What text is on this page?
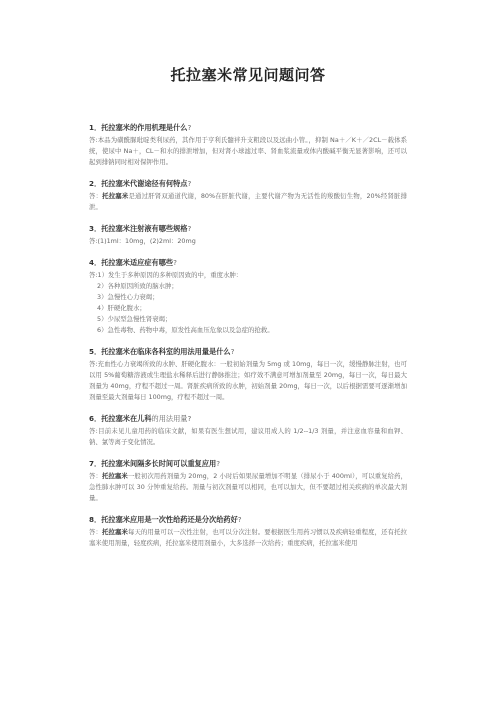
托拉塞米常见问题问答
1．托拉塞米的作用机理是什么?
答:本品为磺酰脲吡啶类利尿药，其作用于亨利氏髓袢升支粗段以及远曲小管。，抑制 Na＋／K＋／2CL－载体系统，使尿中 Na＋，CL－和水的排泄增加，但对肾小球滤过率、肾血浆流量或体内酸碱平衡无显著影响，还可以起到排钠同时相对保钾作用。
2．托拉塞米代谢途径有何特点?
答：托拉塞米是通过肝肾双通道代谢，80%在肝脏代谢，主要代谢产物为无活性的羧酸衍生物，20%经肾脏排泄。
3．托拉塞米注射液有哪些规格?
答:(1)1ml：10mg，(2)2ml：20mg
4．托拉塞米适应症有哪些?
答:1）发生于多种原因的多种原因致的中，重度水肿：
2）各种原因所致的脑水肿；
3）急慢性心力衰竭；
4）肝硬化腹水；
5）少尿型急慢性肾衰竭；
6）急性毒物、药物中毒，原发性高血压危象以及急症的抢救。
5．托拉塞米在临床各科室的用法用量是什么?
答:充血性心力衰竭所致的水肿、肝硬化腹水：一般初始剂量为 5mg 或 10mg，每日一次，缓慢静脉注射，也可以用 5%葡萄糖溶液或生理盐水稀释后进行静脉推注；如疗效不满意可增加剂量至 20mg，每日一次，每日最大剂量为 40mg，疗程不超过一周。肾脏疾病所致的水肿，初始剂量 20mg，每日一次，以后根据需要可逐渐增加剂量至最大剂量每日 100mg，疗程不超过一周。
6．托拉塞米在儿科的用法用量?
答:目前未见儿童用药的临床文献，如果有医生想试用，建议用成人的 1/2--1/3 剂量，并注意血容量和血钾、钠、氯等离子变化情况。
7．托拉塞米间隔多长时间可以重复应用?
答：托拉塞米一般初次用药剂量为 20mg，2 小时后如果尿量增加不明显（排尿小于 400ml），可以重复给药，急性肺水肿可以 30 分钟重复给药。剂量与初次剂量可以相同，也可以加大，但不要超过相关疾病的单次最大剂量。
8．托拉塞米应用是一次性给药还是分次给药好?
答：托拉塞米每天的用量可以一次性注射，也可以分次注射。要根据医生用药习惯以及疾病轻重程度，还有托拉塞米使用剂量，轻度疾病，托拉塞米使用剂量小，大多选择一次给药；重度疾病，托拉塞米使用
